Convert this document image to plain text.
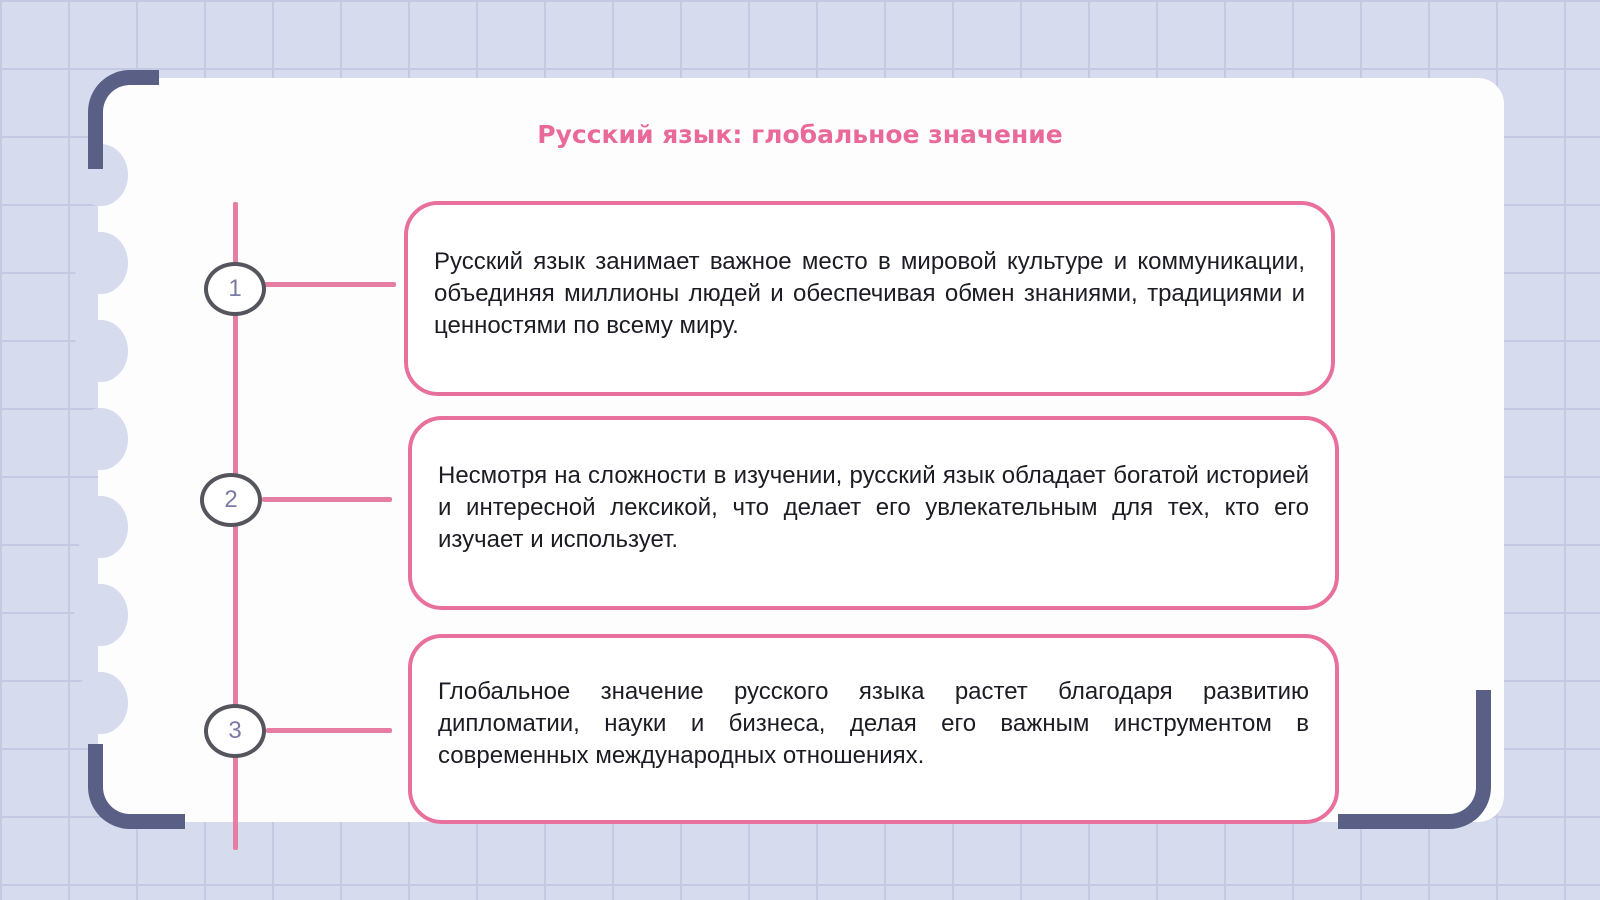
Русский язык: глобальное значение
1
2
3
Русский язык занимает важное место в мировой культуре и коммуникации, объединяя миллионы людей и обеспечивая обмен знаниями, традициями и ценностями по всему миру.
Несмотря на сложности в изучении, русский язык обладает богатой историей и интересной лексикой, что делает его увлекательным для тех, кто его изучает и использует.
Глобальное значение русского языка растет благодаря развитию дипломатии, науки и бизнеса, делая его важным инструментом в современных международных отношениях.
